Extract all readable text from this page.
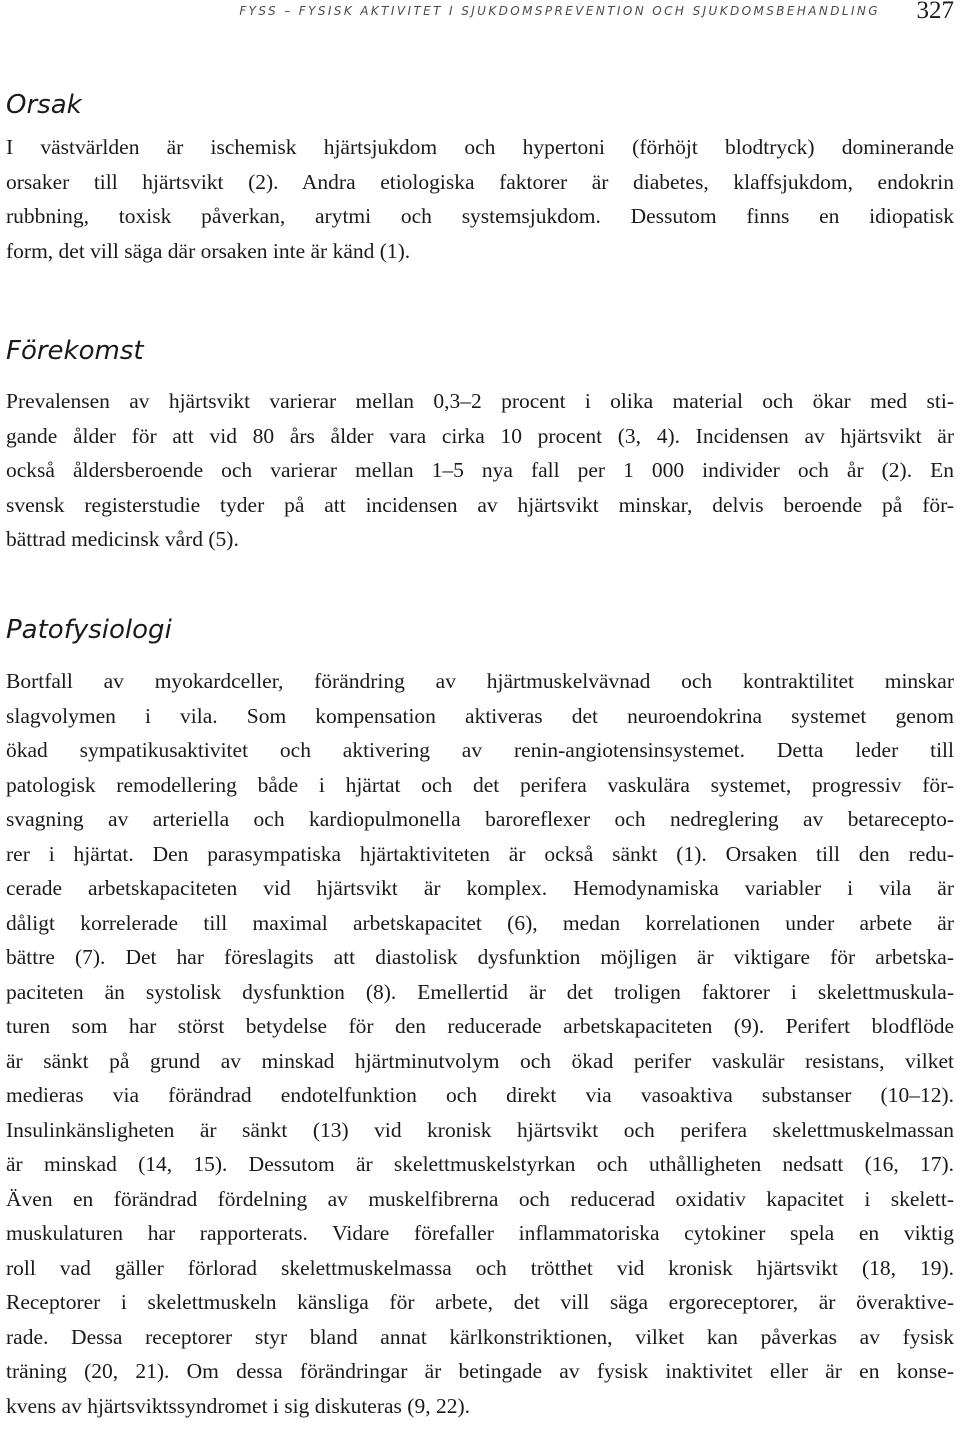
FYSS – FYSISK AKTIVITET I SJUKDOMSPREVENTION OCH SJUKDOMSBEHANDLING 327
Orsak

I västvärlden är ischemisk hjärtsjukdom och hypertoni (förhöjt blodtryck) dominerande
orsaker till hjärtsvikt (2). Andra etiologiska faktorer är diabetes, klaffsjukdom, endokrin
rubbning, toxisk påverkan, arytmi och systemsjukdom. Dessutom finns en idiopatisk
form, det vill säga där orsaken inte är känd (1).

Förekomst

Prevalensen av hjärtsvikt varierar mellan 0,3–2 procent i olika material och ökar med sti-
gande ålder för att vid 80 års ålder vara cirka 10 procent (3, 4). Incidensen av hjärtsvikt är
också åldersberoende och varierar mellan 1–5 nya fall per 1 000 individer och år (2). En
svensk registerstudie tyder på att incidensen av hjärtsvikt minskar, delvis beroende på för-
bättrad medicinsk vård (5).

Patofysiologi

Bortfall av myokardceller, förändring av hjärtmuskelvävnad och kontraktilitet minskar
slagvolymen i vila. Som kompensation aktiveras det neuroendokrina systemet genom
ökad sympatikusaktivitet och aktivering av renin-angiotensinsystemet. Detta leder till
patologisk remodellering både i hjärtat och det perifera vaskulära systemet, progressiv för-
svagning av arteriella och kardiopulmonella baroreflexer och nedreglering av betarecepto-
rer i hjärtat. Den parasympatiska hjärtaktiviteten är också sänkt (1). Orsaken till den redu-
cerade arbetskapaciteten vid hjärtsvikt är komplex. Hemodynamiska variabler i vila är
dåligt korrelerade till maximal arbetskapacitet (6), medan korrelationen under arbete är
bättre (7). Det har föreslagits att diastolisk dysfunktion möjligen är viktigare för arbetska-
paciteten än systolisk dysfunktion (8). Emellertid är det troligen faktorer i skelettmuskula-
turen som har störst betydelse för den reducerade arbetskapaciteten (9). Perifert blodflöde
är sänkt på grund av minskad hjärtminutvolym och ökad perifer vaskulär resistans, vilket
medieras via förändrad endotelfunktion och direkt via vasoaktiva substanser (10–12).
Insulinkänsligheten är sänkt (13) vid kronisk hjärtsvikt och perifera skelettmuskelmassan
är minskad (14, 15). Dessutom är skelettmuskelstyrkan och uthålligheten nedsatt (16, 17).
Även en förändrad fördelning av muskelfibrerna och reducerad oxidativ kapacitet i skelett-
muskulaturen har rapporterats. Vidare förefaller inflammatoriska cytokiner spela en viktig
roll vad gäller förlorad skelettmuskelmassa och trötthet vid kronisk hjärtsvikt (18, 19).
Receptorer i skelettmuskeln känsliga för arbete, det vill säga ergoreceptorer, är överaktive-
rade. Dessa receptorer styr bland annat kärlkonstriktionen, vilket kan påverkas av fysisk
träning (20, 21). Om dessa förändringar är betingade av fysisk inaktivitet eller är en konse-
kvens av hjärtsviktssyndromet i sig diskuteras (9, 22).
